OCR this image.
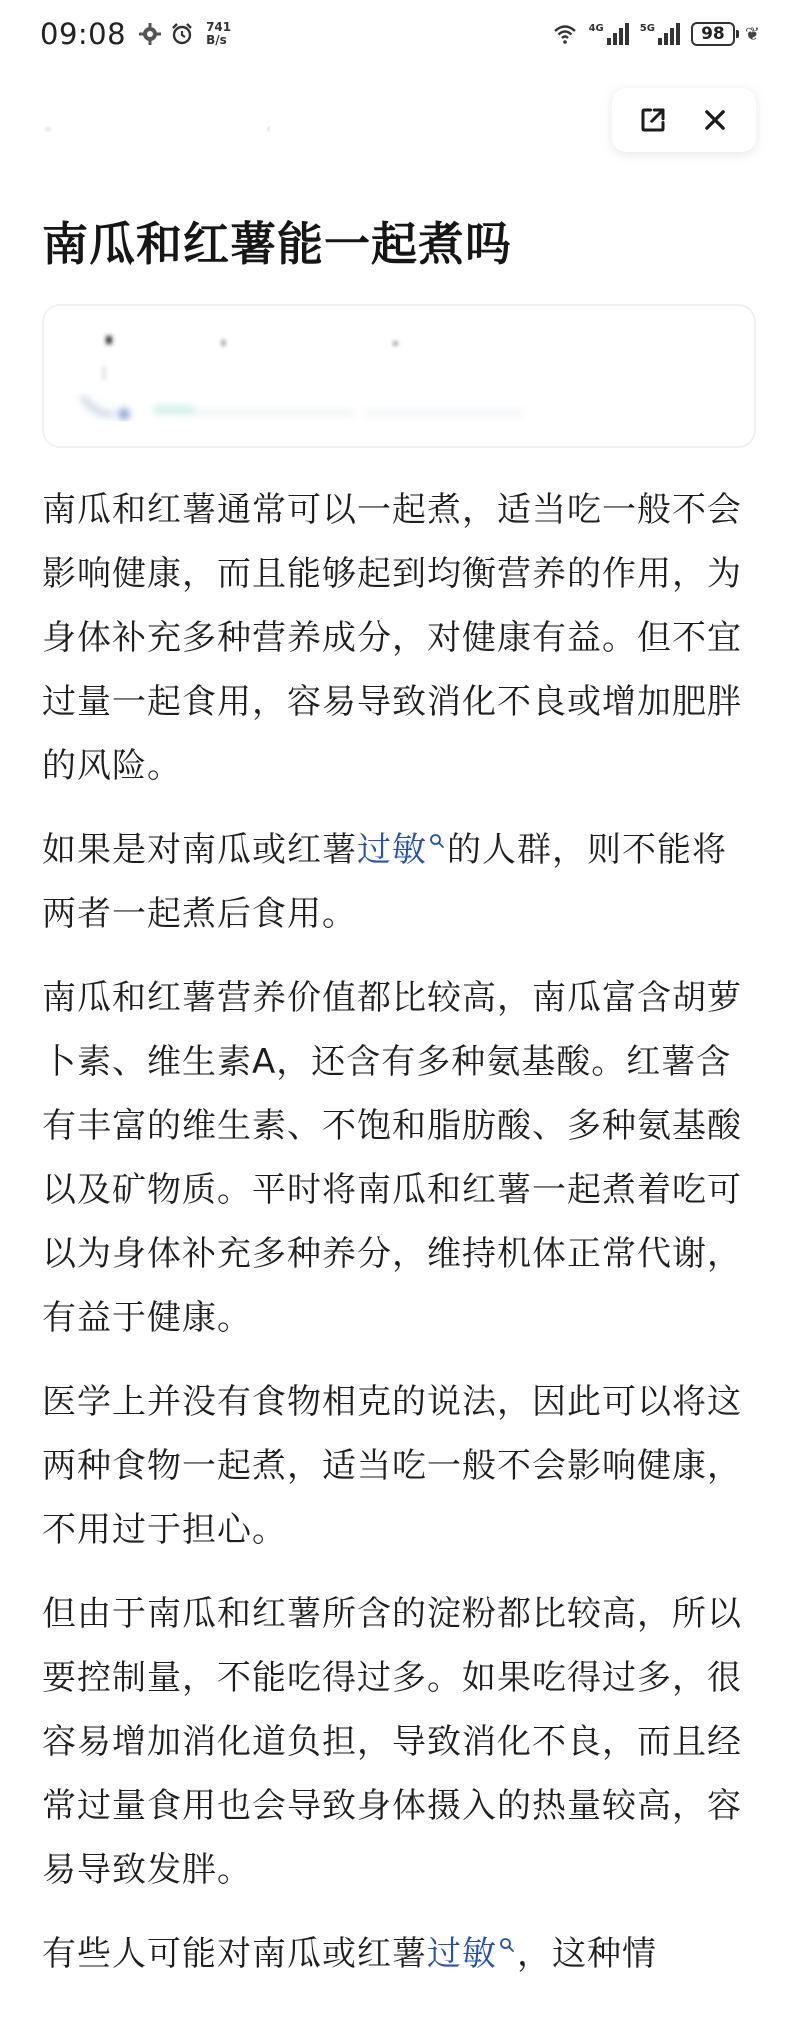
09:08	741
B/s
4G	5G	98 ❦
南瓜和红薯能一起煮吗

南瓜和红薯通常可以一起煮，适当吃一般不会影响健康，而且能够起到均衡营养的作用，为身体补充多种营养成分，对健康有益。但不宜过量一起食用，容易导致消化不良或增加肥胖的风险。

如果是对南瓜或红薯过敏 的人群，则不能将两者一起煮后食用。

南瓜和红薯营养价值都比较高，南瓜富含胡萝卜素、维生素A，还含有多种氨基酸。红薯含有丰富的维生素、不饱和脂肪酸、多种氨基酸以及矿物质。平时将南瓜和红薯一起煮着吃可以为身体补充多种养分，维持机体正常代谢，有益于健康。

医学上并没有食物相克的说法，因此可以将这两种食物一起煮，适当吃一般不会影响健康，不用过于担心。

但由于南瓜和红薯所含的淀粉都比较高，所以要控制量，不能吃得过多。如果吃得过多，很容易增加消化道负担，导致消化不良，而且经常过量食用也会导致身体摄入的热量较高，容易导致发胖。

有些人可能对南瓜或红薯过敏 ，这种情
